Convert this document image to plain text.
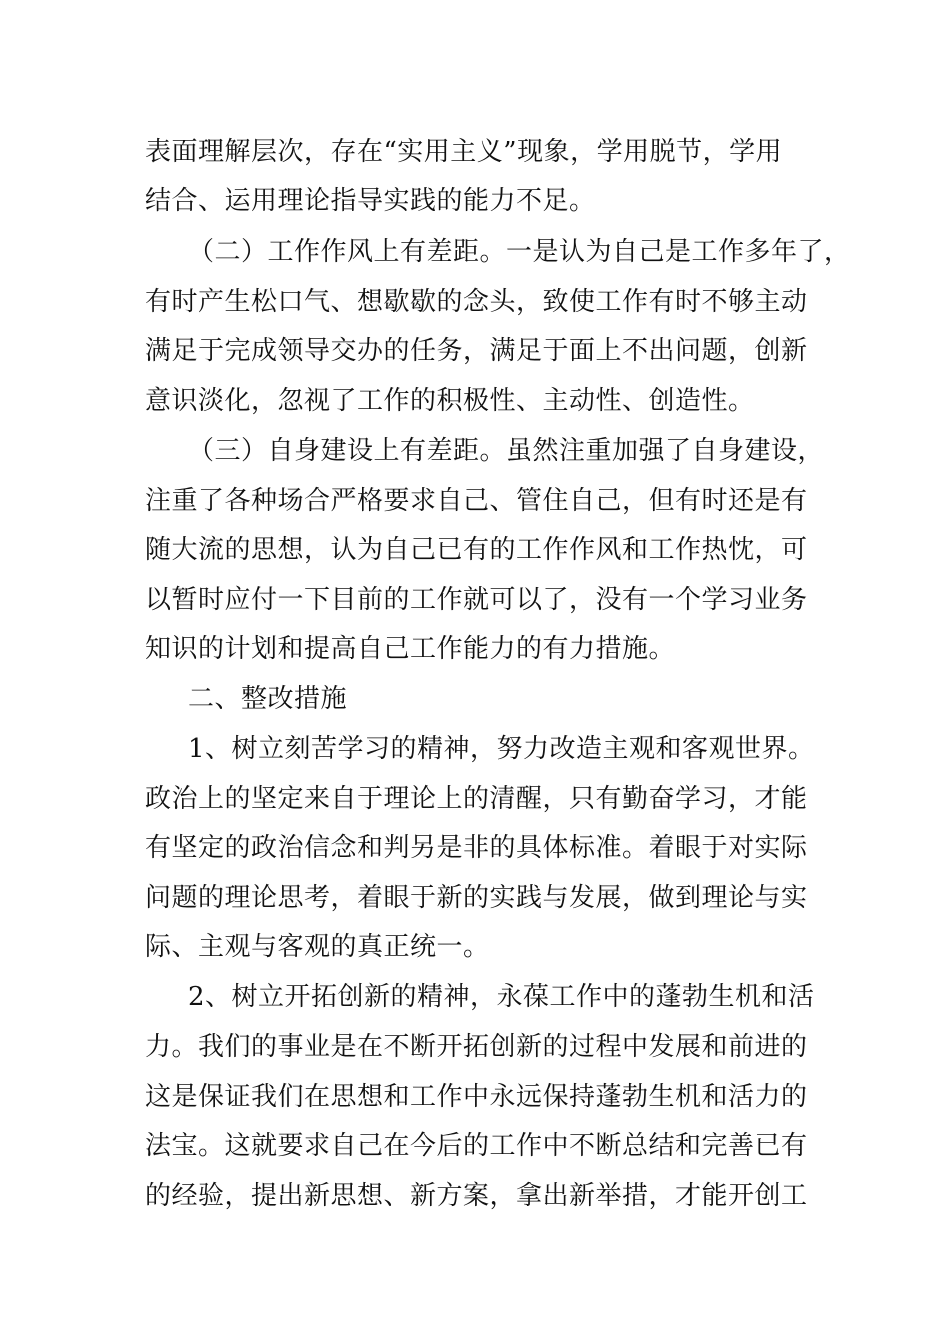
表面理解层次，存在“实用主义”现象，学用脱节，学用
结合、运用理论指导实践的能力不足。
（二）工作作风上有差距。一是认为自己是工作多年了，
有时产生松口气、想歇歇的念头，致使工作有时不够主动
满足于完成领导交办的任务，满足于面上不出问题，创新
意识淡化，忽视了工作的积极性、主动性、创造性。
（三）自身建设上有差距。虽然注重加强了自身建设，
注重了各种场合严格要求自己、管住自己，但有时还是有
随大流的思想，认为自己已有的工作作风和工作热忱，可
以暂时应付一下目前的工作就可以了，没有一个学习业务
知识的计划和提高自己工作能力的有力措施。
二、整改措施
1、树立刻苦学习的精神，努力改造主观和客观世界。
政治上的坚定来自于理论上的清醒，只有勤奋学习，才能
有坚定的政治信念和判另是非的具体标准。着眼于对实际
问题的理论思考，着眼于新的实践与发展，做到理论与实
际、主观与客观的真正统一。
2、树立开拓创新的精神，永葆工作中的蓬勃生机和活
力。我们的事业是在不断开拓创新的过程中发展和前进的
这是保证我们在思想和工作中永远保持蓬勃生机和活力的
法宝。这就要求自己在今后的工作中不断总结和完善已有
的经验，提出新思想、新方案，拿出新举措，才能开创工
